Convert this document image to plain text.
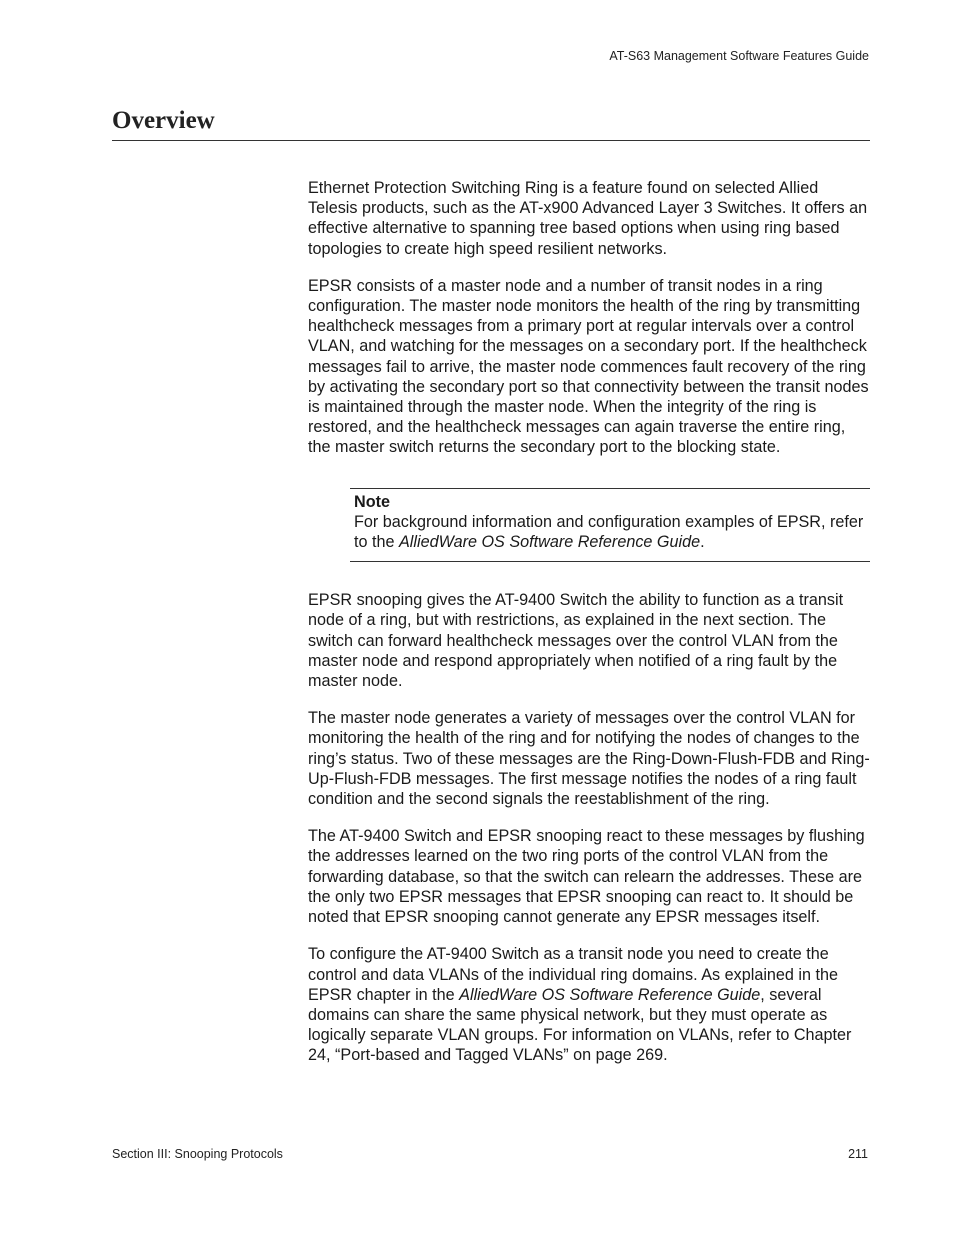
AT-S63 Management Software Features Guide
Overview

Ethernet Protection Switching Ring is a feature found on selected Allied Telesis products, such as the AT-x900 Advanced Layer 3 Switches. It offers an effective alternative to spanning tree based options when using ring based topologies to create high speed resilient networks.

EPSR consists of a master node and a number of transit nodes in a ring configuration. The master node monitors the health of the ring by transmitting healthcheck messages from a primary port at regular intervals over a control VLAN, and watching for the messages on a secondary port. If the healthcheck messages fail to arrive, the master node commences fault recovery of the ring by activating the secondary port so that connectivity between the transit nodes is maintained through the master node. When the integrity of the ring is restored, and the healthcheck messages can again traverse the entire ring, the master switch returns the secondary port to the blocking state.

Note
For background information and configuration examples of EPSR, refer to the AlliedWare OS Software Reference Guide.

EPSR snooping gives the AT-9400 Switch the ability to function as a transit node of a ring, but with restrictions, as explained in the next section. The switch can forward healthcheck messages over the control VLAN from the master node and respond appropriately when notified of a ring fault by the master node.

The master node generates a variety of messages over the control VLAN for monitoring the health of the ring and for notifying the nodes of changes to the ring’s status. Two of these messages are the Ring-Down-Flush-FDB and Ring-Up-Flush-FDB messages. The first message notifies the nodes of a ring fault condition and the second signals the reestablishment of the ring.

The AT-9400 Switch and EPSR snooping react to these messages by flushing the addresses learned on the two ring ports of the control VLAN from the forwarding database, so that the switch can relearn the addresses. These are the only two EPSR messages that EPSR snooping can react to. It should be noted that EPSR snooping cannot generate any EPSR messages itself.

To configure the AT-9400 Switch as a transit node you need to create the control and data VLANs of the individual ring domains. As explained in the EPSR chapter in the AlliedWare OS Software Reference Guide, several domains can share the same physical network, but they must operate as logically separate VLAN groups. For information on VLANs, refer to Chapter 24, “Port-based and Tagged VLANs” on page 269.

Section III: Snooping Protocols	211
